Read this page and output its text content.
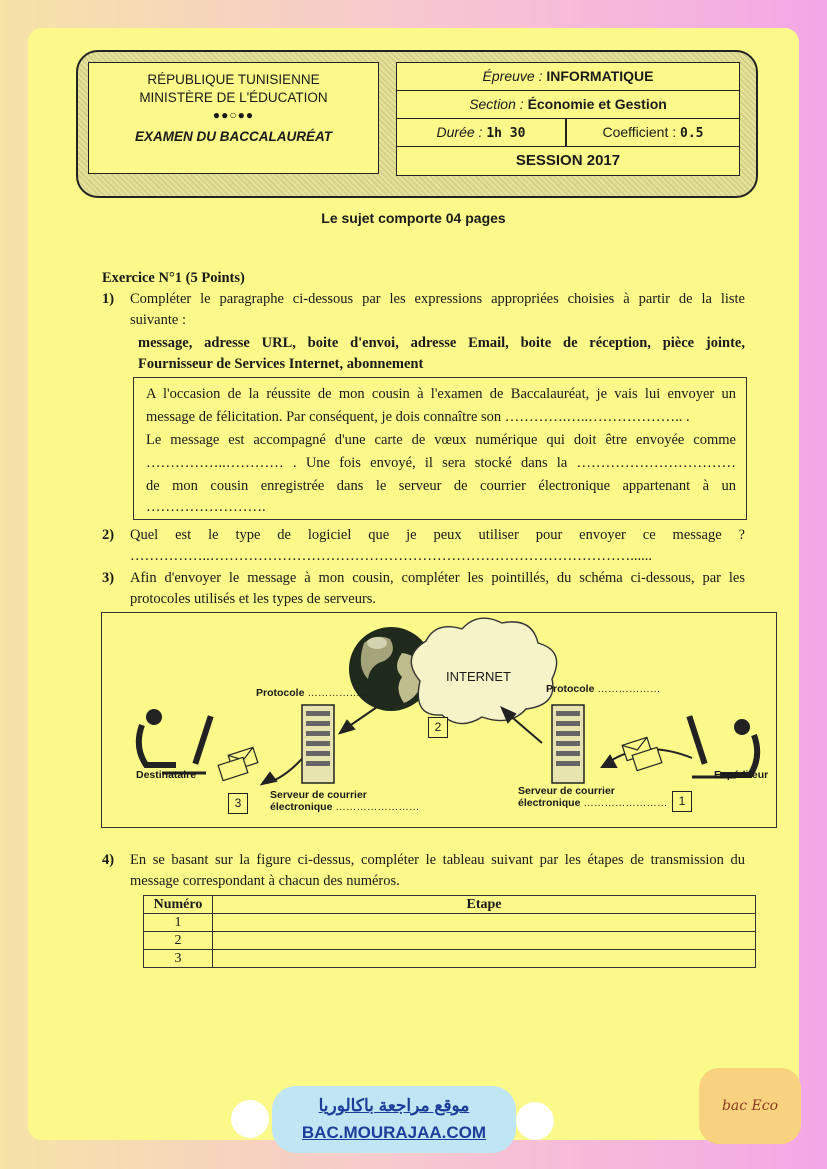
RÉPUBLIQUE TUNISIENNE
MINISTÈRE DE L'ÉDUCATION
●●○●●
EXAMEN DU BACCALAURÉAT
Épreuve : INFORMATIQUE
Section : Économie et Gestion
Durée : 1h 30	Coefficient : 0.5
SESSION 2017
Le sujet comporte 04 pages
Exercice N°1 (5 Points)
1) Compléter le paragraphe ci-dessous par les expressions appropriées choisies à partir de la liste
suivante :
message, adresse URL, boite d'envoi, adresse Email, boite de réception, pièce jointe,
Fournisseur de Services Internet, abonnement
A l'occasion de la réussite de mon cousin à l'examen de Baccalauréat, je vais lui envoyer un
message de félicitation. Par conséquent, je dois connaître son ………….…..……………….. .
Le message est accompagné d'une carte de vœux numérique qui doit être envoyée comme
……………..………… . Une fois envoyé, il sera stocké dans la ……………………………
de mon cousin enregistrée dans le serveur de courrier électronique appartenant à un
…………………….
2) Quel est le type de logiciel que je peux utiliser pour envoyer ce message ?
……………..……………………………………………………………………………......
3) Afin d'envoyer le message à mon cousin, compléter les pointillés, du schéma ci-dessous, par les
protocoles utilisés et les types de serveurs.
INTERNET
Protocole ………………	Protocole ………………
Destinataire	Expéditeur
Serveur de courrier
électronique ……………………
Serveur de courrier
électronique ……………………
2
1
3
4) En se basant sur la figure ci-dessus, compléter le tableau suivant par les étapes de transmission du
message correspondant à chacun des numéros.
Numéro	Etape
1	
2	
3	
موقع مراجعة باكالوريا
BAC.MOURAJAA.COM
bac Eco
